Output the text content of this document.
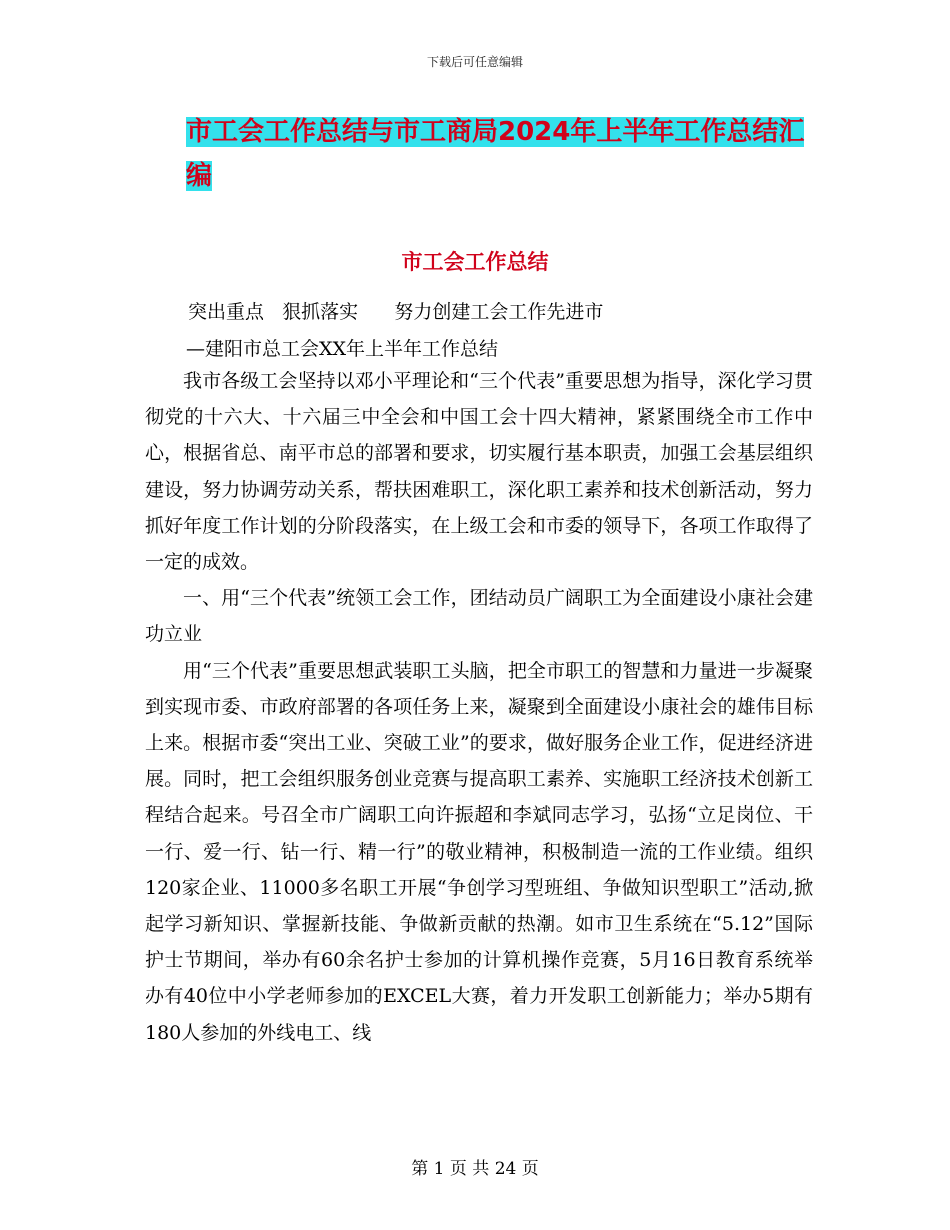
下载后可任意编辑
市工会工作总结与市工商局2024年上半年工作总结汇编
市工会工作总结
突出重点   狠抓落实      努力创建工会工作先进市
—建阳市总工会XX年上半年工作总结

我市各级工会坚持以邓小平理论和“三个代表”重要思想为指导，深化学习贯彻党的十六大、十六届三中全会和中国工会十四大精神，紧紧围绕全市工作中心，根据省总、南平市总的部署和要求，切实履行基本职责，加强工会基层组织建设，努力协调劳动关系，帮扶困难职工，深化职工素养和技术创新活动，努力抓好年度工作计划的分阶段落实，在上级工会和市委的领导下，各项工作取得了一定的成效。

一、用“三个代表”统领工会工作，团结动员广阔职工为全面建设小康社会建功立业

用“三个代表”重要思想武装职工头脑，把全市职工的智慧和力量进一步凝聚到实现市委、市政府部署的各项任务上来，凝聚到全面建设小康社会的雄伟目标上来。根据市委“突出工业、突破工业”的要求，做好服务企业工作，促进经济进展。同时，把工会组织服务创业竞赛与提高职工素养、实施职工经济技术创新工程结合起来。号召全市广阔职工向许振超和李斌同志学习，弘扬“立足岗位、干一行、爱一行、钻一行、精一行”的敬业精神，积极制造一流的工作业绩。组织120家企业、11000多名职工开展“争创学习型班组、争做知识型职工”活动,掀起学习新知识、掌握新技能、争做新贡献的热潮。如市卫生系统在“5.12”国际护士节期间，举办有60余名护士参加的计算机操作竞赛，5月16日教育系统举办有40位中小学老师参加的EXCEL大赛，着力开发职工创新能力；举办5期有180人参加的外线电工、线

第 1 页 共 24 页
